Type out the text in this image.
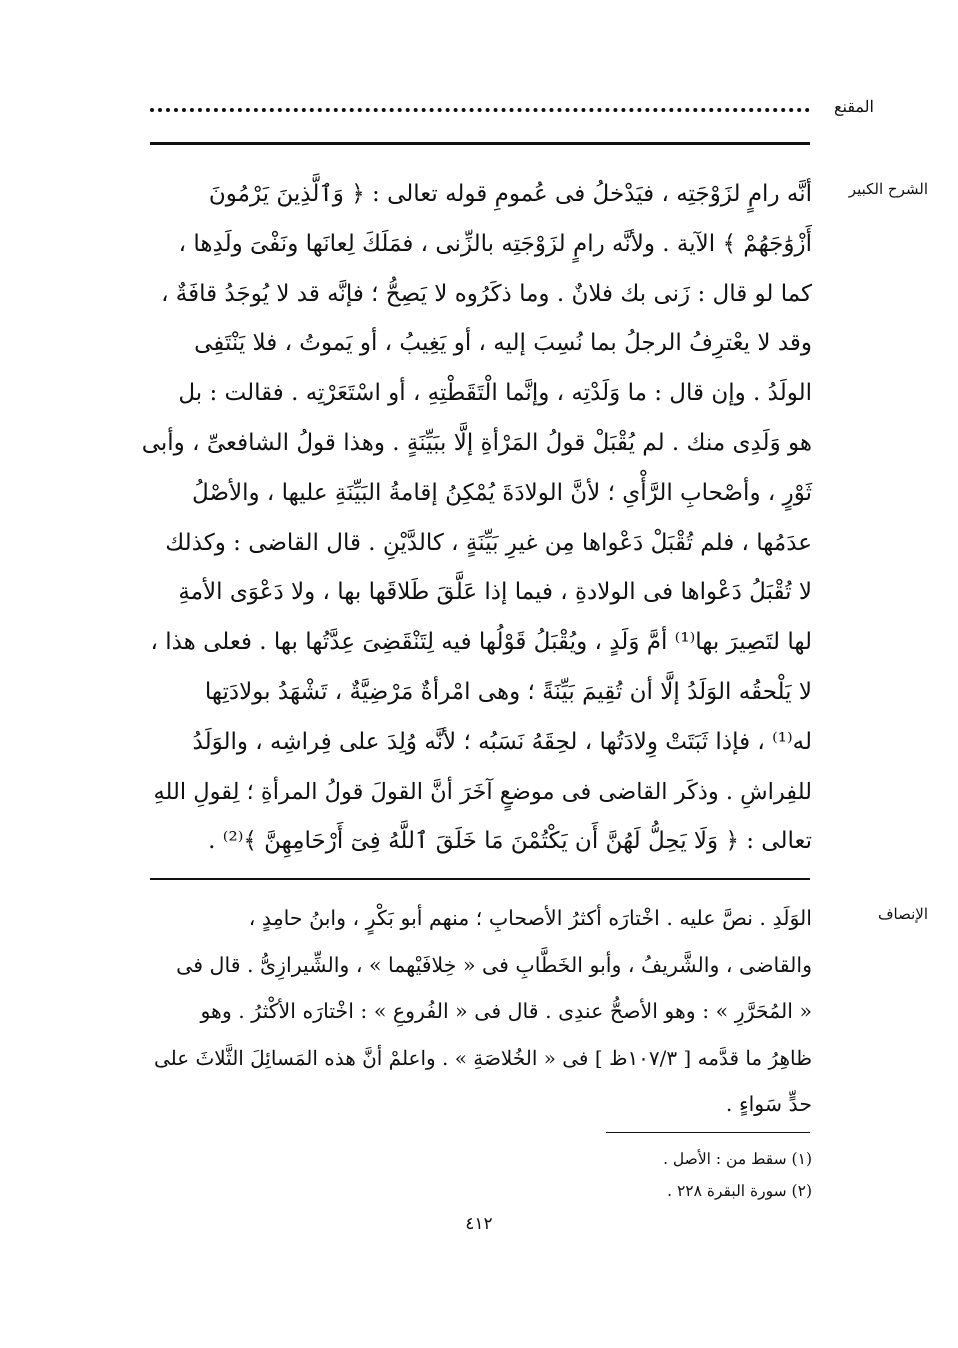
المقنع
الشرح الكبير
أنَّه رامٍ لزَوْجَتِه ، فيَدْخلُ فى عُمومِ قوله تعالى : ﴿ وَٱلَّذِينَ يَرْمُونَ
أَزْوَٰجَهُمْ ﴾ الآية . ولأنَّه رامٍ لزَوْجَتِه بالزِّنى ، فمَلَكَ لِعانَها ونَفْىَ ولَدِها ،
كما لو قال : زَنى بك فلانٌ . وما ذكَرُوه لا يَصِحُّ ؛ فإنَّه قد لا يُوجَدُ قافَةٌ ،
وقد لا يعْترِفُ الرجلُ بما نُسِبَ إليه ، أو يَغِيبُ ، أو يَموتُ ، فلا يَنْتَفِى
الولَدُ . وإن قال : ما وَلَدْتِه ، وإنَّما الْتَقَطْتِهِ ، أو اسْتَعَرْتِه . فقالت : بل
هو وَلَدِى منك . لم يُقْبَلْ قولُ المَرْأةِ إلَّا ببَيِّنَةٍ . وهذا قولُ الشافعىِّ ، وأبى
ثَوْرٍ ، وأصْحابِ الرَّأْىِ ؛ لأنَّ الولادَةَ يُمْكِنُ إقامةُ البَيِّنَةِ عليها ، والأصْلُ
عدَمُها ، فلم تُقْبَلْ دَعْواها مِن غيرِ بَيِّنَةٍ ، كالدَّيْنِ . قال القاضى : وكذلك
لا تُقْبَلُ دَعْواها فى الولادةِ ، فيما إذا عَلَّقَ طَلاقَها بها ، ولا دَعْوَى الأمةِ
لها لتَصِيرَ بها⁽¹⁾ أمَّ وَلَدٍ ، ويُقْبَلُ قَوْلُها فيه لِتَنْقَضِىَ عِدَّتُها بها . فعلى هذا ،
لا يَلْحقُه الوَلَدُ إلَّا أن تُقِيمَ بَيِّنَةً ؛ وهى امْرأةٌ مَرْضِيَّةٌ ، تَشْهَدُ بولادَتِها
له⁽¹⁾ ، فإذا ثَبَتَتْ وِلادَتُها ، لحِقَهُ نَسَبُه ؛ لأنَّه وُلِدَ على فِراشِه ، والوَلَدُ
للفِراشِ . وذكَر القاضى فى موضعٍ آخَرَ أنَّ القولَ قولُ المرأةِ ؛ لِقولِ اللهِ
تعالى : ﴿ وَلَا يَحِلُّ لَهُنَّ أَن يَكْتُمْنَ مَا خَلَقَ ٱللَّهُ فِىٓ أَرْحَامِهِنَّ ﴾⁽²⁾ .
الإنصاف
الوَلَدِ . نصَّ عليه . اخْتارَه أكثرُ الأصحابِ ؛ منهم أبو بَكْرٍ ، وابنُ حامِدٍ ،
والقاضى ، والشَّريفُ ، وأبو الخَطَّابِ فى « خِلافَيْهما » ، والشِّيرازِىُّ . قال فى
« المُحَرَّرِ » : وهو الأصحُّ عندِى . قال فى « الفُروعِ » : اخْتارَه الأكْثرُ . وهو
ظاهِرُ ما قدَّمه [ ١٠٧/٣ظ ] فى « الخُلاصَةِ » . واعلمْ أنَّ هذه المَسائِلَ الثَّلاثَ على
حدٍّ سَواءٍ .
(١) سقط من : الأصل .
(٢) سورة البقرة ٢٢٨ .
٤١٢
